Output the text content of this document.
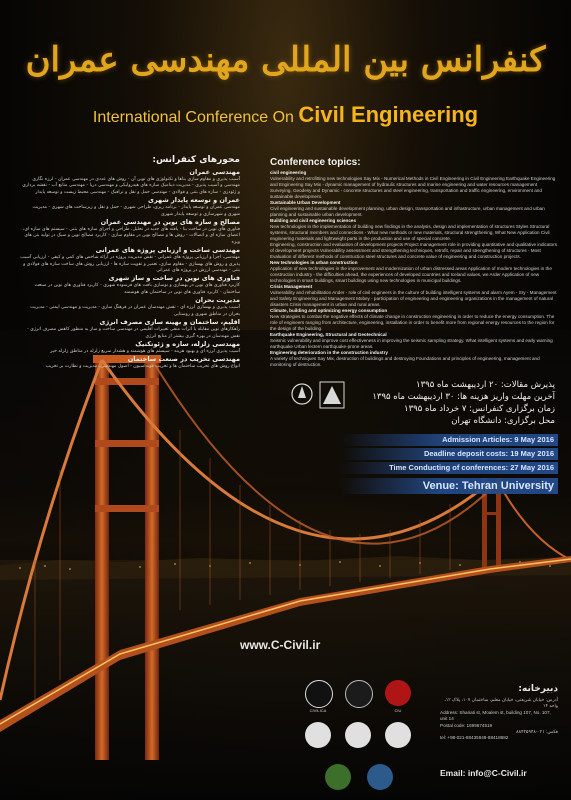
کنفرانس بین المللی مهندسی عمران
International Conference On Civil Engineering
Conference topics:
civil engineering
Vulnerability and retrofitting new technologies Say Mix - Numerical Methods in Civil Engineering in Civil Engineering Earthquake Engineering and Engineering Say Mix - dynamic management of hydraulic structures and marine engineering and water resources management Surveying, Geodesy and Dynamic - concrete structures and steel engineering, transportation and traffic engineering, environment and sustainable development.
Sustainable Urban Development
Civil engineering and sustainable development planning, urban design, transportation and infrastructure, urban management and urban planning and sustainable urban development.
Building and civil engineering sciences
New technologies in the implementation of building new findings in the analysis, design and implementation of structures Styles Structural systems, structural members and connections - What new methods or new materials, structural strengthening, What New Application Civil engineering materials and lightweight parts in the production and use of special concrete.
Engineering, construction and evaluation of development projects Project management role in providing quantitative and qualitative indicators of development projects Vulnerability assessment and strengthening techniques, retrofit, repair and strengthening of structures - Most Evaluation of different methods of construction steel structures and concrete value of engineering and construction projects.
New technologies in urban construction
Application of new technologies in the improvement and modernization of urban distressed areas Application of modern technologies in the construction industry - the difficulties ahead, the experiences of developed countries and Iceland values, we Arder Application of new technologies in smart buildings, smart buildings using new technologies in municipal buildings.
Crisis Management
Vulnerability and rehabilitation Ander - role of civil engineers in the culture of building intelligent systems and alarm Ayem - Sry - Management and Safety Engineering and Management Mobey - participation of engineering and engineering organizations in the management of natural disasters Crisis management in urban and rural areas.
Climate, building and optimizing energy consumption
New strategies to combat the negative effects of climate change in construction engineering in order to reduce the energy consumption. The role of engineers ranging from architecture, engineering, installation in order to benefit more from regional energy resources to the region for the design of the building.
Earthquake Engineering, Structural and Geotechnical
Seismic vulnerability and improve cost effectiveness in improving the seismic sampling strategy. What intelligent systems and early warning earthquake Urban lectern earthquake-prone areas.
Engineering deterioration in the construction industry
A variety of techniques Say Mix, destruction of buildings and destroying Foundations and principles of engineering, management and monitoring of destruction.
محورهای کنفرانس:
مهندسی عمران
آسیب پذیری و مقاوم سازی بناها و تکنولوژی های نوین آن - روش های عددی در مهندسی عمران - لرزه نگاری مهندسی و آسیب پذیری - مدیریت دینامیک سازه های هیدرولیکی و مهندسی دریا - مهندسی منابع آب - نقشه برداری و ژئودزی - سازه های بتنی و فولادی - مهندسی حمل و نقل و ترافیک - مهندسی محیط زیست و توسعه پایدار
عمران و توسعه پایدار شهری
مهندسی عمران و توسعه پایدار - برنامه ریزی، طراحی شهری - حمل و نقل و زیرساخت های شهری - مدیریت شهری و شهرسازی و توسعه پایدار شهری
مصالح و سازه های نوین در مهندسی عمران
فناوری های نوین در ساخت بنا - یافته های جدید در تحلیل، طراحی و اجرای سازه های بتنی - سیستم های سازه ای، اعضای سازه ای و اتصالات - روش ها و مصالح نوین در مقاوم سازی - کاربرد مصالح نوین و سبک در تولید بتن های ویژه
مهندسی ساخت و ارزیابی پروژه های عمرانی
مهندسی، اجرا و ارزیابی پروژه های عمرانی - نقش مدیریت پروژه در ارائه شاخص های کمی و کیفی - ارزیابی آسیب پذیری و روش های بهسازی - مقاوم سازی، تعمیر و تقویت سازه ها - ارزیابی روش های ساخت سازه های فولادی و بتنی - مهندسی ارزش در پروژه های عمرانی
فناوری های نوین در ساخت و ساز شهری
کاربرد فناوری های نوین در بهسازی و نوسازی بافت های فرسوده شهری - کاربرد فناوری های نوین در صنعت ساختمان - کاربرد فناوری های نوین در ساختمان های هوشمند
مدیریت بحران
آسیب پذیری و بهسازی لرزه ای - نقش مهندسان عمران در فرهنگ سازی - مدیریت و مهندسی ایمنی - مدیریت بحران در مناطق شهری و روستایی
اقلیم، ساختمان و بهینه سازی مصرف انرژی
راهکارهای نوین مقابله با اثرات منفی تغییرات اقلیمی در مهندسی ساخت و ساز به منظور کاهش مصرف انرژی - نقش مهندسان در بهره گیری بیشتر از منابع انرژی
مهندسی زلزله، سازه و ژئوتکنیک
آسیب پذیری لرزه ای و بهبود هزینه - سیستم های هوشمند و هشدار سریع زلزله در مناطق زلزله خیز
مهندسی تخریب در صنعت ساختمان
انواع روش های تخریب ساختمان ها و تخریب فونداسیون - اصول مهندسی، مدیریت و نظارت بر تخریب
پذیرش مقالات: ۲۰ اردیبهشت ماه ۱۳۹۵
آخرین مهلت واریز هزینه ها: ۳۰ اردیبهشت ماه ۱۳۹۵
زمان برگزاری کنفرانس: ۷ خرداد ماه ۱۳۹۵
محل برگزاری: دانشگاه تهران
Admission Articles: 9 May 2016
Deadline deposit costs: 19 May 2016
Time Conducting of conferences: 27 May 2016
Venue: Tehran University
www.C-Civil.ir
CIVILICA	CIU
دبیرخانه:
آدرس: خیابان شریعتی، خیابان معلم، ساختمان ۱۰۷، پلاک ۱۲، واحد ۱۴
Address: Shariati st, Moalem st, building 107, No. 107, unit 14
Postal code: 1699674519
فکس: ۰۲۱-۸۸۴۳۵۹۴۸
tel: +98-021-88435948-88418882
Email: info@C-Civil.ir
